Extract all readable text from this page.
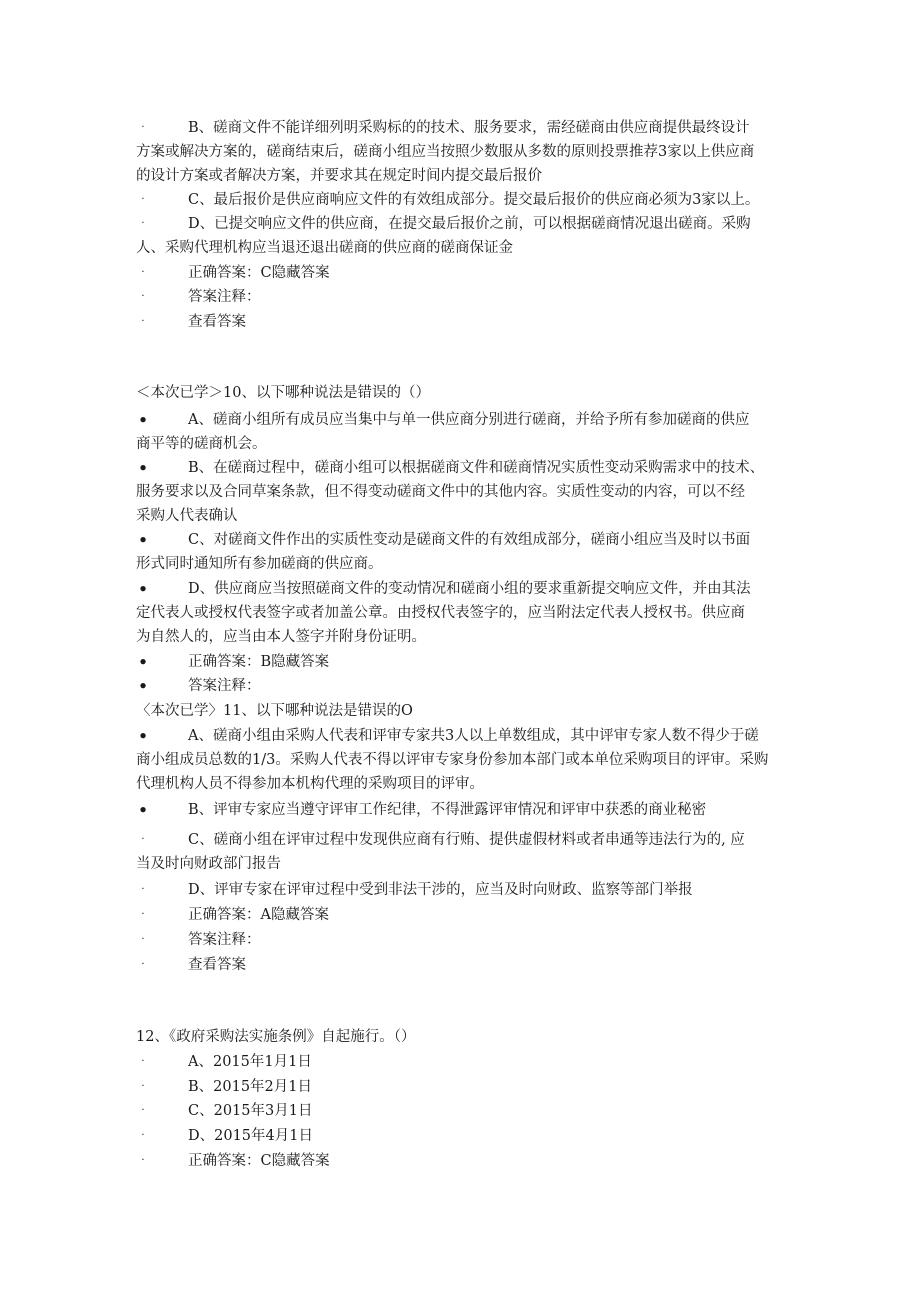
·	B、磋商文件不能详细列明采购标的的技术、服务要求，需经磋商由供应商提供最终设计
方案或解决方案的，磋商结束后，磋商小组应当按照少数服从多数的原则投票推荐3家以上供应商
的设计方案或者解决方案，并要求其在规定时间内提交最后报价
·	C、最后报价是供应商响应文件的有效组成部分。提交最后报价的供应商必须为3家以上。
·	D、已提交响应文件的供应商，在提交最后报价之前，可以根据磋商情况退出磋商。采购
人、采购代理机构应当退还退出磋商的供应商的磋商保证金
·	正确答案：C隐藏答案
·	答案注释：
·	查看答案
＜本次已学＞10、以下哪种说法是错误的（）
•	A、磋商小组所有成员应当集中与单一供应商分别进行磋商，并给予所有参加磋商的供应
商平等的磋商机会。
•	B、在磋商过程中，磋商小组可以根据磋商文件和磋商情况实质性变动采购需求中的技术、
服务要求以及合同草案条款，但不得变动磋商文件中的其他内容。实质性变动的内容，可以不经
采购人代表确认
•	C、对磋商文件作出的实质性变动是磋商文件的有效组成部分，磋商小组应当及时以书面
形式同时通知所有参加磋商的供应商。
•	D、供应商应当按照磋商文件的变动情况和磋商小组的要求重新提交响应文件，并由其法
定代表人或授权代表签字或者加盖公章。由授权代表签字的，应当附法定代表人授权书。供应商
为自然人的，应当由本人签字并附身份证明。
•	正确答案：B隐藏答案
•	答案注释：
〈本次已学〉11、以下哪种说法是错误的O
•	A、磋商小组由采购人代表和评审专家共3人以上单数组成，其中评审专家人数不得少于磋
商小组成员总数的1/3。采购人代表不得以评审专家身份参加本部门或本单位采购项目的评审。采购
代理机构人员不得参加本机构代理的采购项目的评审。
•	B、评审专家应当遵守评审工作纪律，不得泄露评审情况和评审中获悉的商业秘密
·	C、磋商小组在评审过程中发现供应商有行贿、提供虚假材料或者串通等违法行为的, 应
当及时向财政部门报告
·	D、评审专家在评审过程中受到非法干涉的，应当及时向财政、监察等部门举报
·	正确答案：A隐藏答案
·	答案注释：
·	查看答案
12、《政府采购法实施条例》自起施行。（）
·	A、2015年1月1日
·	B、2015年2月1日
·	C、2015年3月1日
·	D、2015年4月1日
·	正确答案：C隐藏答案
